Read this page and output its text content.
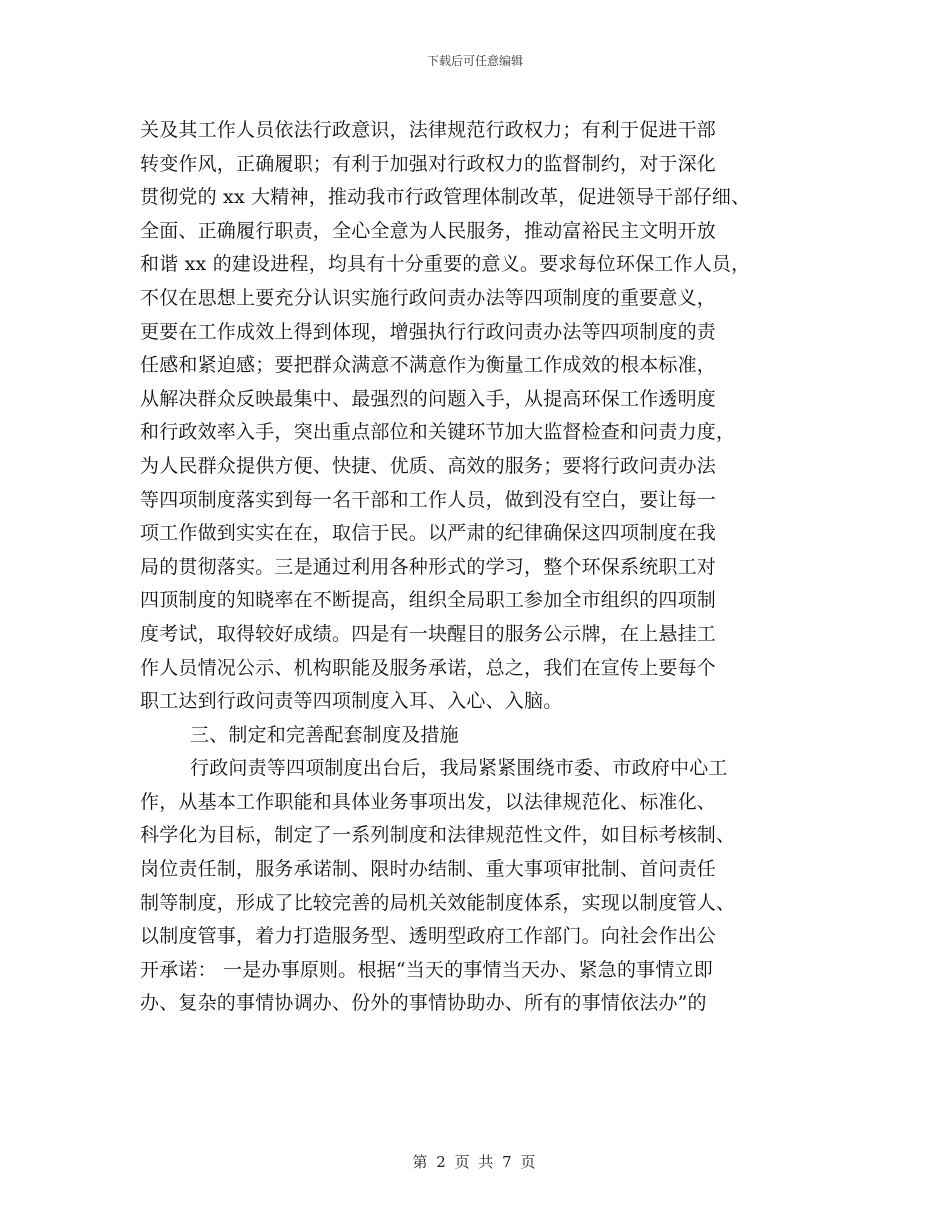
下载后可任意编辑
关及其工作人员依法行政意识，法律规范行政权力；有利于促进干部
转变作风，正确履职；有利于加强对行政权力的监督制约，对于深化
贯彻党的 xx 大精神，推动我市行政管理体制改革，促进领导干部仔细、
全面、正确履行职责，全心全意为人民服务，推动富裕民主文明开放
和谐 xx 的建设进程，均具有十分重要的意义。要求每位环保工作人员，
不仅在思想上要充分认识实施行政问责办法等四项制度的重要意义，
更要在工作成效上得到体现，增强执行行政问责办法等四项制度的责
任感和紧迫感；要把群众满意不满意作为衡量工作成效的根本标准，
从解决群众反映最集中、最强烈的问题入手，从提高环保工作透明度
和行政效率入手，突出重点部位和关键环节加大监督检查和问责力度，
为人民群众提供方便、快捷、优质、高效的服务；要将行政问责办法
等四项制度落实到每一名干部和工作人员，做到没有空白，要让每一
项工作做到实实在在，取信于民。以严肃的纪律确保这四项制度在我
局的贯彻落实。三是通过利用各种形式的学习，整个环保系统职工对
四顶制度的知晓率在不断提高，组织全局职工参加全市组织的四项制
度考试，取得较好成绩。四是有一块醒目的服务公示牌，在上悬挂工
作人员情况公示、机构职能及服务承诺，总之，我们在宣传上要每个
职工达到行政问责等四项制度入耳、入心、入脑。
三、制定和完善配套制度及措施
行政问责等四项制度出台后，我局紧紧围绕市委、市政府中心工
作，从基本工作职能和具体业务事项出发，以法律规范化、标准化、
科学化为目标，制定了一系列制度和法律规范性文件，如目标考核制、
岗位责任制，服务承诺制、限时办结制、重大事项审批制、首问责任
制等制度，形成了比较完善的局机关效能制度体系，实现以制度管人、
以制度管事，着力打造服务型、透明型政府工作部门。向社会作出公
开承诺： 一是办事原则。根据“当天的事情当天办、紧急的事情立即
办、复杂的事情协调办、份外的事情协助办、所有的事情依法办”的
第 2 页 共 7 页
